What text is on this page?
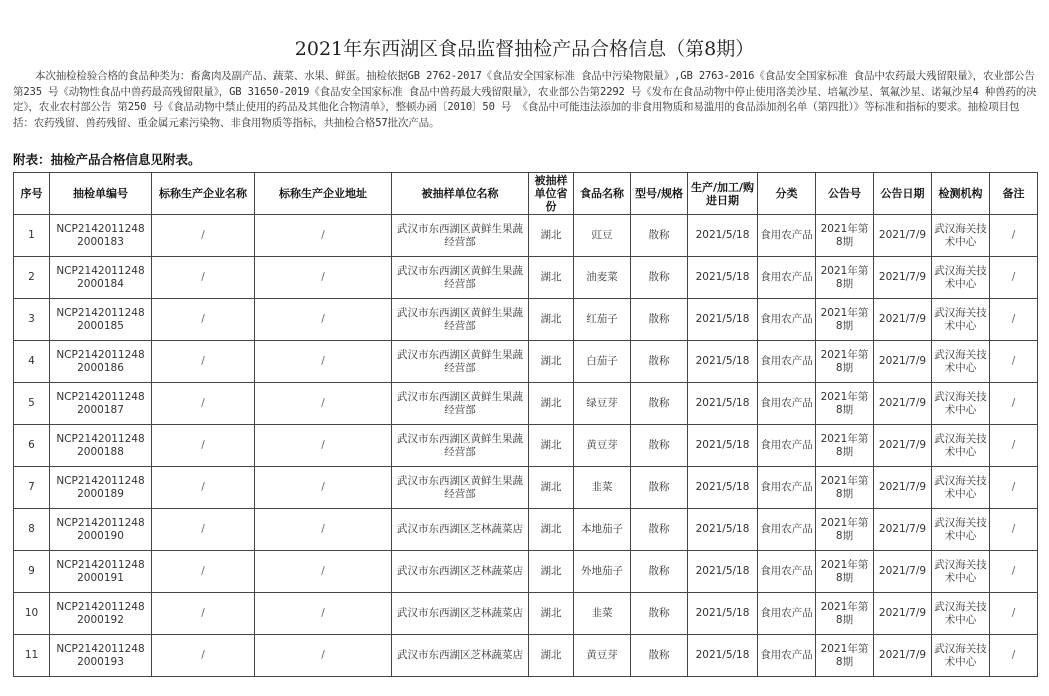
2021年东西湖区食品监督抽检产品合格信息（第8期）
本次抽检检验合格的食品种类为：畜禽肉及副产品、蔬菜、水果、鲜蛋。抽检依据GB 2762-2017《食品安全国家标准 食品中污染物限量》,GB 2763-2016《食品安全国家标准 食品中农药最大残留限量》，农业部公告第235 号《动物性食品中兽药最高残留限量》，GB 31650-2019《食品安全国家标准 食品中兽药最大残留限量》，农业部公告第2292 号《发布在食品动物中停止使用洛美沙星、培氟沙星、氧氟沙星、诺氟沙星4 种兽药的决定》，农业农村部公告 第250 号《食品动物中禁止使用的药品及其他化合物清单》，整顿办函〔2010〕50 号 《食品中可能违法添加的非食用物质和易滥用的食品添加剂名单（第四批）》等标准和指标的要求。抽检项目包括：农药残留、兽药残留、重金属元素污染物、非食用物质等指标，共抽检合格57批次产品。
附表：抽检产品合格信息见附表。
序号	抽检单编号	标称生产企业名称	标称生产企业地址	被抽样单位名称	被抽样单位省份	食品名称	型号/规格	生产/加工/购进日期	分类	公告号	公告日期	检测机构	备注
1	NCP2142011248 2000183	/	/	武汉市东西湖区黄鲜生果蔬经营部	湖北	豇豆	散称	2021/5/18	食用农产品	2021年第8期	2021/7/9	武汉海关技术中心	/
2	NCP2142011248 2000184	/	/	武汉市东西湖区黄鲜生果蔬经营部	湖北	油麦菜	散称	2021/5/18	食用农产品	2021年第8期	2021/7/9	武汉海关技术中心	/
3	NCP2142011248 2000185	/	/	武汉市东西湖区黄鲜生果蔬经营部	湖北	红茄子	散称	2021/5/18	食用农产品	2021年第8期	2021/7/9	武汉海关技术中心	/
4	NCP2142011248 2000186	/	/	武汉市东西湖区黄鲜生果蔬经营部	湖北	白茄子	散称	2021/5/18	食用农产品	2021年第8期	2021/7/9	武汉海关技术中心	/
5	NCP2142011248 2000187	/	/	武汉市东西湖区黄鲜生果蔬经营部	湖北	绿豆芽	散称	2021/5/18	食用农产品	2021年第8期	2021/7/9	武汉海关技术中心	/
6	NCP2142011248 2000188	/	/	武汉市东西湖区黄鲜生果蔬经营部	湖北	黄豆芽	散称	2021/5/18	食用农产品	2021年第8期	2021/7/9	武汉海关技术中心	/
7	NCP2142011248 2000189	/	/	武汉市东西湖区黄鲜生果蔬经营部	湖北	韭菜	散称	2021/5/18	食用农产品	2021年第8期	2021/7/9	武汉海关技术中心	/
8	NCP2142011248 2000190	/	/	武汉市东西湖区芝林蔬菜店	湖北	本地茄子	散称	2021/5/18	食用农产品	2021年第8期	2021/7/9	武汉海关技术中心	/
9	NCP2142011248 2000191	/	/	武汉市东西湖区芝林蔬菜店	湖北	外地茄子	散称	2021/5/18	食用农产品	2021年第8期	2021/7/9	武汉海关技术中心	/
10	NCP2142011248 2000192	/	/	武汉市东西湖区芝林蔬菜店	湖北	韭菜	散称	2021/5/18	食用农产品	2021年第8期	2021/7/9	武汉海关技术中心	/
11	NCP2142011248 2000193	/	/	武汉市东西湖区芝林蔬菜店	湖北	黄豆芽	散称	2021/5/18	食用农产品	2021年第8期	2021/7/9	武汉海关技术中心	/
